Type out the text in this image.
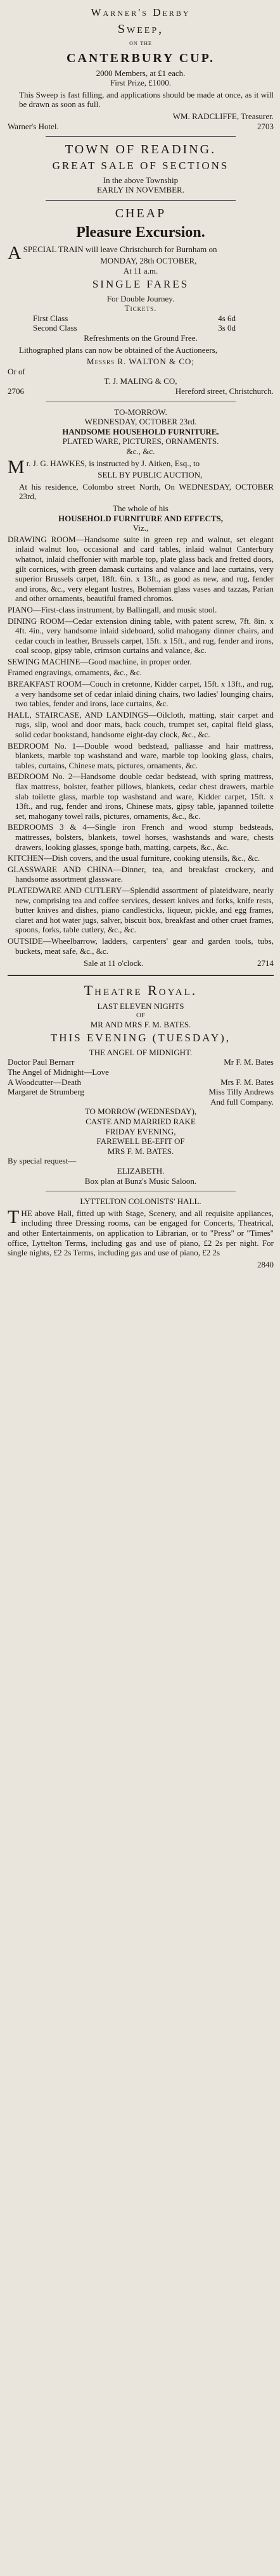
Warner's Derby
Sweep,
on the
CANTERBURY CUP.
2000 Members, at £1 each.
First Prize, £1000.

This Sweep is fast filling, and applications should be made at once, as it will be drawn as soon as full.

WM. RADCLIFFE, Treasurer.
Warner's Hotel.	2703
TOWN OF READING.
GREAT SALE OF SECTIONS
In the above Township
EARLY IN NOVEMBER.
CHEAP
Pleasure Excursion.

ASPECIAL TRAIN will leave Christchurch for Burnham on

MONDAY, 28th OCTOBER,
At 11 a.m.
SINGLE FARES
For Double Journey.
Tickets.
First Class	4s 6d
Second Class	3s 0d
Refreshments on the Ground Free.

Lithographed plans can now be obtained of the Auctioneers,

Messrs R. WALTON & CO;
Or of
T. J. MALING & CO,
2706	Hereford street, Christchurch.
TO-MORROW.
WEDNESDAY, OCTOBER 23rd.
HANDSOME HOUSEHOLD FURNITURE.
PLATED WARE, PICTURES, ORNAMENTS.
&c., &c.

Mr. J. G. HAWKES, is instructed by J. Aitken, Esq., to

SELL BY PUBLIC AUCTION,

At his residence, Colombo street North, On WEDNESDAY, OCTOBER 23rd,

The whole of his
HOUSEHOLD FURNITURE AND EFFECTS,
Viz.,

DRAWING ROOM—Handsome suite in green rep and walnut, set elegant inlaid walnut loo, occasional and card tables, inlaid walnut Canterbury whatnot, inlaid cheffonier with marble top, plate glass back and fretted doors, gilt cornices, with green damask curtains and valance and lace curtains, very superior Brussels carpet, 18ft. 6in. x 13ft., as good as new, and rug, fender and irons, &c., very elegant lustres, Bohemian glass vases and tazzas, Parian and other ornaments, beautiful framed chromos.

PIANO—First-class instrument, by Ballingall, and music stool.

DINING ROOM—Cedar extension dining table, with patent screw, 7ft. 8in. x 4ft. 4in., very handsome inlaid sideboard, solid mahogany dinner chairs, and cedar couch in leather, Brussels carpet, 15ft. x 15ft., and rug, fender and irons, coal scoop, gipsy table, crimson curtains and valance, &c.

SEWING MACHINE—Good machine, in proper order.

Framed engravings, ornaments, &c., &c.

BREAKFAST ROOM—Couch in cretonne, Kidder carpet, 15ft. x 13ft., and rug, a very handsome set of cedar inlaid dining chairs, two ladies' lounging chairs, two tables, fender and irons, lace curtains, &c.

HALL, STAIRCASE, AND LANDINGS—Oilcloth, matting, stair carpet and rugs, slip, wool and door mats, back couch, trumpet set, capital field glass, solid cedar bookstand, handsome eight-day clock, &c., &c.

BEDROOM No. 1—Double wood bedstead, palliasse and hair mattress, blankets, marble top washstand and ware, marble top looking glass, chairs, tables, curtains, Chinese mats, pictures, ornaments, &c.

BEDROOM No. 2—Handsome double cedar bedstead, with spring mattress, flax mattress, bolster, feather pillows, blankets, cedar chest drawers, marble slab toilette glass, marble top washstand and ware, Kidder carpet, 15ft. x 13ft., and rug, fender and irons, Chinese mats, gipsy table, japanned toilette set, mahogany towel rails, pictures, ornaments, &c., &c.

BEDROOMS 3 & 4—Single iron French and wood stump bedsteads, mattresses, bolsters, blankets, towel horses, washstands and ware, chests drawers, looking glasses, sponge bath, matting, carpets, &c., &c.

KITCHEN—Dish covers, and the usual furniture, cooking utensils, &c., &c.

GLASSWARE AND CHINA—Dinner, tea, and breakfast crockery, and handsome assortment glassware.

PLATEDWARE AND CUTLERY—Splendid assortment of plateidware, nearly new, comprising tea and coffee services, dessert knives and forks, knife rests, butter knives and dishes, piano candlesticks, liqueur, pickle, and egg frames, claret and hot water jugs, salver, biscuit box, breakfast and other cruet frames, spoons, forks, table cutlery, &c., &c.

OUTSIDE—Wheelbarrow, ladders, carpenters' gear and garden tools, tubs, buckets, meat safe, &c., &c.

Sale at 11 o'clock.	2714
Theatre Royal.
LAST ELEVEN NIGHTS
OF
MR AND MRS F. M. BATES.
THIS EVENING (TUESDAY),
THE ANGEL OF MIDNIGHT.
Doctor Paul Bernarr	Mr F. M. Bates
The Angel of Midnight—Love
A Woodcutter—Death	Mrs F. M. Bates
Margaret de Strumberg	Miss Tilly Andrews
And full Company.
TO MORROW (WEDNESDAY),
CASTE AND MARRIED RAKE
FRIDAY EVENING,
FAREWELL BE-EFIT OF
MRS F. M. BATES.
By special request—
ELIZABETH.
Box plan at Bunz's Music Saloon.
LYTTELTON COLONISTS' HALL.

THE above Hall, fitted up with Stage, Scenery, and all requisite appliances, including three Dressing rooms, can be engaged for Concerts, Theatrical, and other Entertainments, on application to Librarian, or to "Press" or "Times" office, Lyttelton Terms, including gas and use of piano, £2 2s per night. For single nights, £2 2s Terms, including gas and use of piano, £2 2s

2840
